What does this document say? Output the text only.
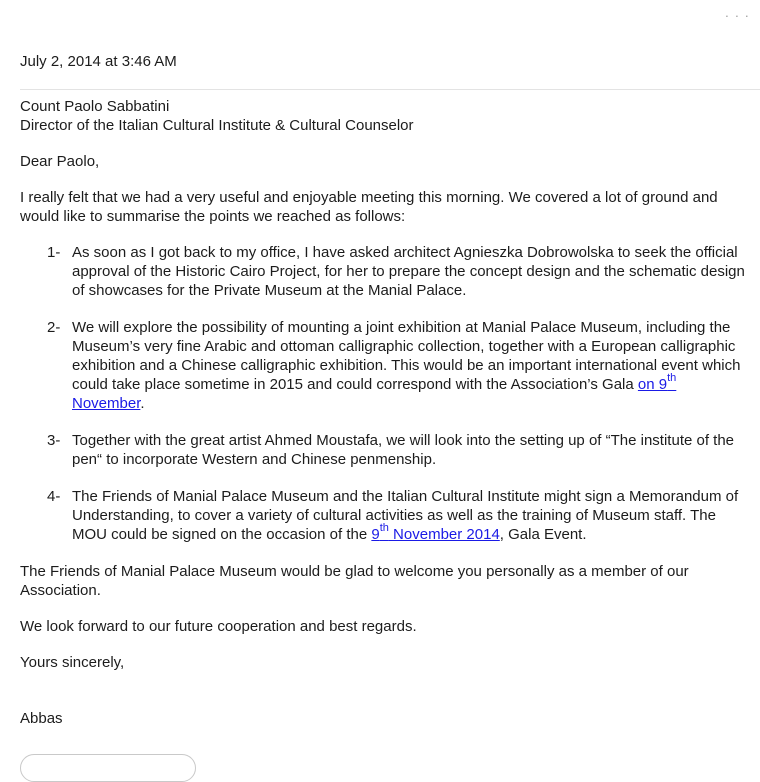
· · ·
July 2, 2014 at 3:46 AM

Count Paolo Sabbatini

Director of the Italian Cultural Institute & Cultural Counselor

Dear Paolo,

I really felt that we had a very useful and enjoyable meeting this morning. We covered a lot of ground and would like to summarise the points we reached as follows:

1- As soon as I got back to my office, I have asked architect Agnieszka Dobrowolska to seek the official approval of the Historic Cairo Project, for her to prepare the concept design and the schematic design of showcases for the Private Museum at the Manial Palace.
2- We will explore the possibility of mounting a joint exhibition at Manial Palace Museum, including the Museum’s very fine Arabic and ottoman calligraphic collection, together with a European calligraphic exhibition and a Chinese calligraphic exhibition. This would be an important international event which could take place sometime in 2015 and could correspond with the Association’s Gala on 9th November.
3- Together with the great artist Ahmed Moustafa, we will look into the setting up of “The institute of the pen“ to incorporate Western and Chinese penmenship.
4- The Friends of Manial Palace Museum and the Italian Cultural Institute might sign a Memorandum of Understanding, to cover a variety of cultural activities as well as the training of Museum staff. The MOU could be signed on the occasion of the 9th November 2014, Gala Event.

The Friends of Manial Palace Museum would be glad to welcome you personally as a member of our Association.

We look forward to our future cooperation and best regards.

Yours sincerely,

Abbas
